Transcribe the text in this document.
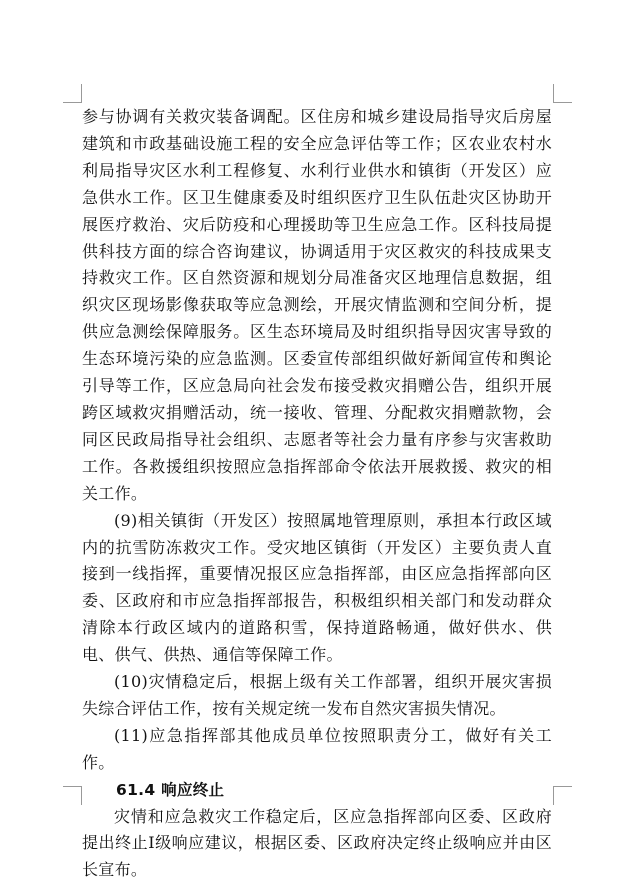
参与协调有关救灾装备调配。区住房和城乡建设局指导灾后房屋建筑和市政基础设施工程的安全应急评估等工作；区农业农村水利局指导灾区水利工程修复、水利行业供水和镇街（开发区）应急供水工作。区卫生健康委及时组织医疗卫生队伍赴灾区协助开展医疗救治、灾后防疫和心理援助等卫生应急工作。区科技局提供科技方面的综合咨询建议，协调适用于灾区救灾的科技成果支持救灾工作。区自然资源和规划分局准备灾区地理信息数据，组织灾区现场影像获取等应急测绘，开展灾情监测和空间分析，提供应急测绘保障服务。区生态环境局及时组织指导因灾害导致的生态环境污染的应急监测。区委宣传部组织做好新闻宣传和舆论引导等工作，区应急局向社会发布接受救灾捐赠公告，组织开展跨区域救灾捐赠活动，统一接收、管理、分配救灾捐赠款物，会同区民政局指导社会组织、志愿者等社会力量有序参与灾害救助工作。各救援组织按照应急指挥部命令依法开展救援、救灾的相关工作。

(9)相关镇街（开发区）按照属地管理原则，承担本行政区域内的抗雪防冻救灾工作。受灾地区镇街（开发区）主要负责人直接到一线指挥，重要情况报区应急指挥部，由区应急指挥部向区委、区政府和市应急指挥部报告，积极组织相关部门和发动群众清除本行政区域内的道路积雪，保持道路畅通，做好供水、供电、供气、供热、通信等保障工作。

(10)灾情稳定后，根据上级有关工作部署，组织开展灾害损失综合评估工作，按有关规定统一发布自然灾害损失情况。

(11)应急指挥部其他成员单位按照职责分工，做好有关工作。

61.4 响应终止

灾情和应急救灾工作稳定后，区应急指挥部向区委、区政府提出终止Ⅰ级响应建议，根据区委、区政府决定终止级响应并由区长宣布。
